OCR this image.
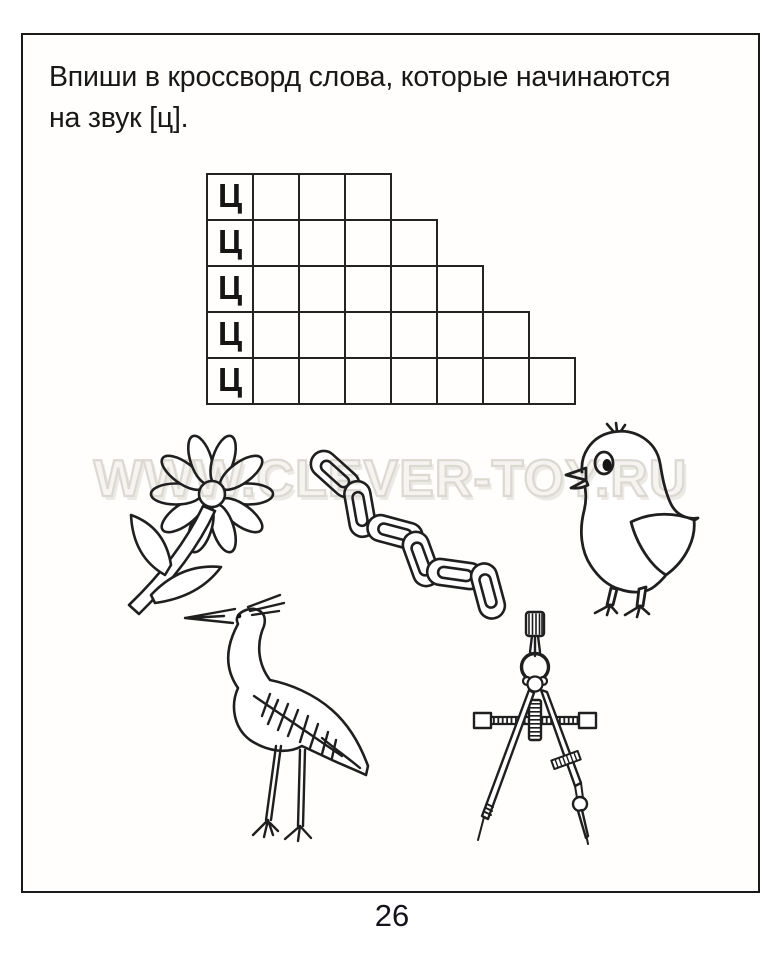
Впиши в кроссворд слова, которые начинаются
на звук [ц].
Ц
Ц
Ц
Ц
Ц
WWW.CLEVER-TOY.RU
26
